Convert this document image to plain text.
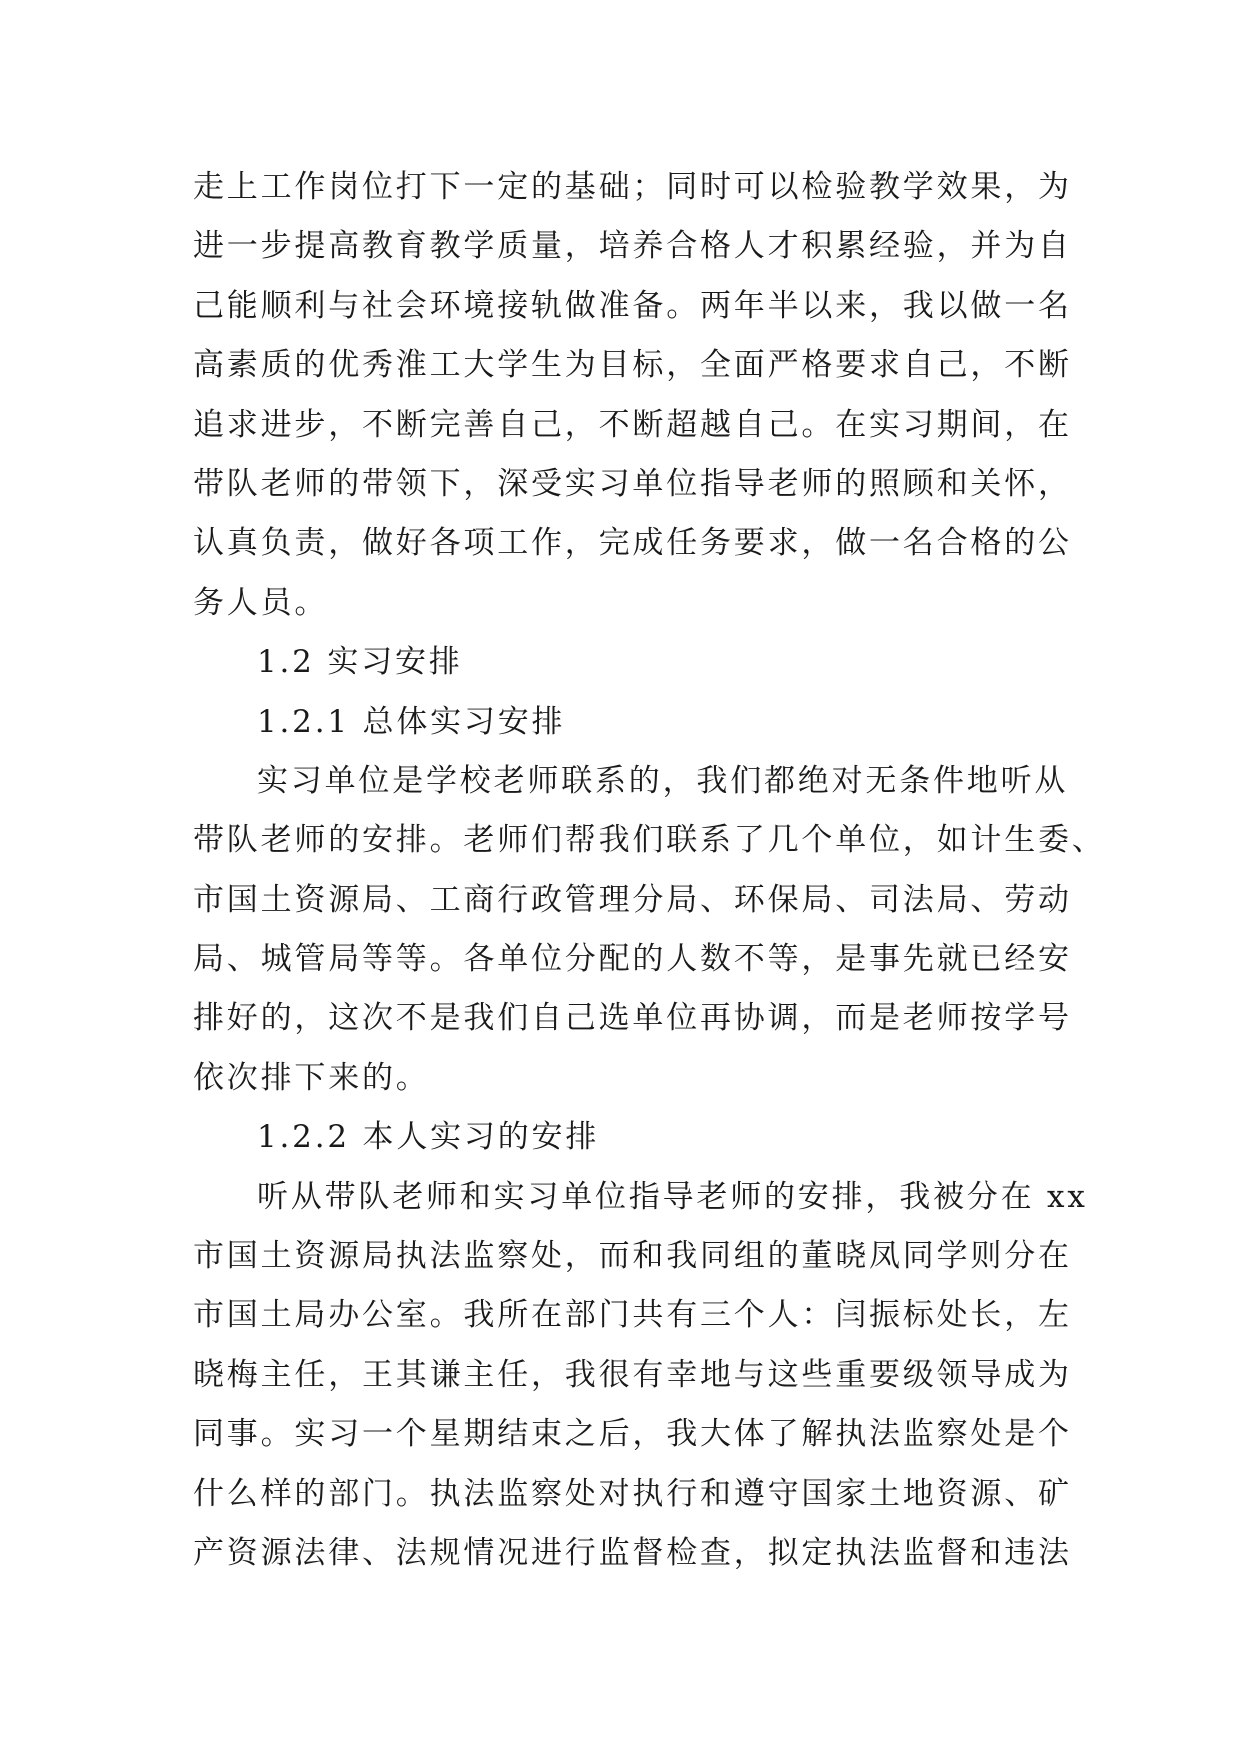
走上工作岗位打下一定的基础；同时可以检验教学效果，为
进一步提高教育教学质量，培养合格人才积累经验，并为自
己能顺利与社会环境接轨做准备。两年半以来，我以做一名
高素质的优秀淮工大学生为目标，全面严格要求自己，不断
追求进步，不断完善自己，不断超越自己。在实习期间，在
带队老师的带领下，深受实习单位指导老师的照顾和关怀，
认真负责，做好各项工作，完成任务要求，做一名合格的公
务人员。
1.2 实习安排
1.2.1 总体实习安排
实习单位是学校老师联系的，我们都绝对无条件地听从
带队老师的安排。老师们帮我们联系了几个单位，如计生委、
市国土资源局、工商行政管理分局、环保局、司法局、劳动
局、城管局等等。各单位分配的人数不等，是事先就已经安
排好的，这次不是我们自己选单位再协调，而是老师按学号
依次排下来的。
1.2.2 本人实习的安排
听从带队老师和实习单位指导老师的安排，我被分在 xx
市国土资源局执法监察处，而和我同组的董晓凤同学则分在
市国土局办公室。我所在部门共有三个人：闫振标处长，左
晓梅主任，王其谦主任，我很有幸地与这些重要级领导成为
同事。实习一个星期结束之后，我大体了解执法监察处是个
什么样的部门。执法监察处对执行和遵守国家土地资源、矿
产资源法律、法规情况进行监督检查，拟定执法监督和违法
